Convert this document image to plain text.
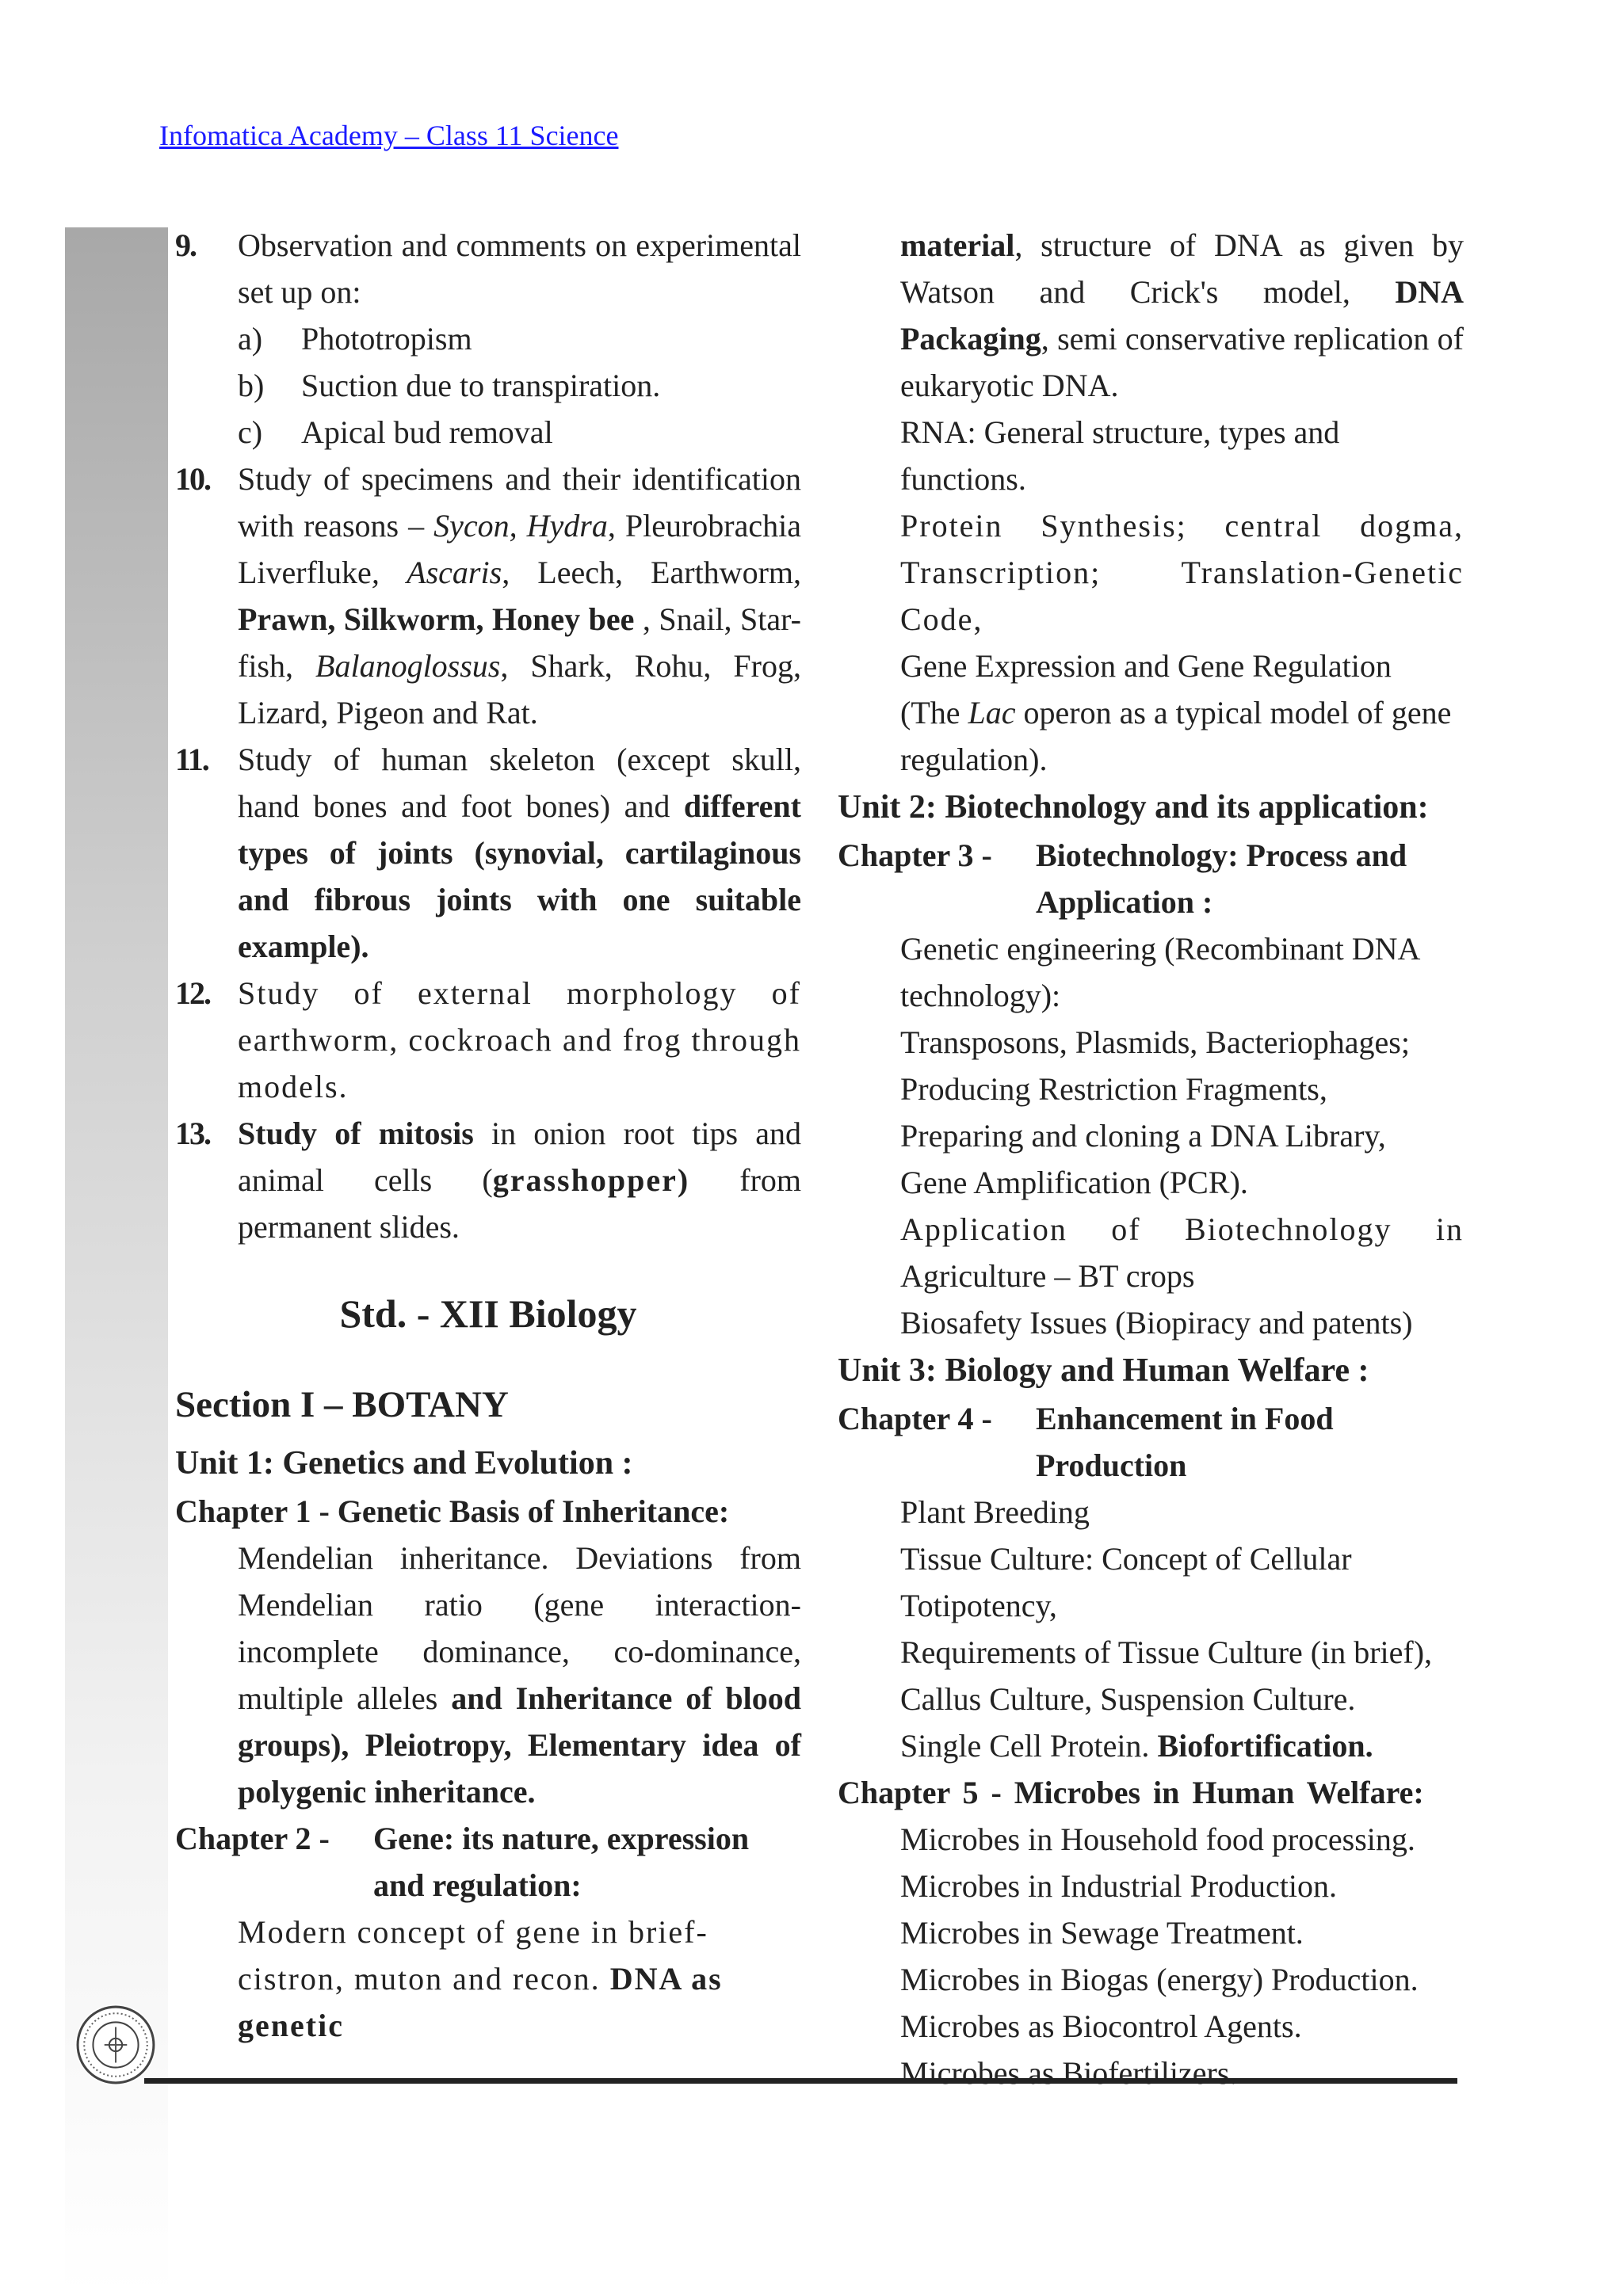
Infomatica Academy – Class 11 Science
9.	Observation and comments on experimental set up on:
a)	Phototropism
b)	Suction due to transpiration.
c)	Apical bud removal
10. Study of specimens and their identification with reasons – Sycon, Hydra, Pleurobrachia Liverfluke, Ascaris, Leech, Earthworm, Prawn, Silkworm, Honey bee , Snail, Star-fish, Balanoglossus, Shark, Rohu, Frog, Lizard, Pigeon and Rat.
11. Study of human skeleton (except skull, hand bones and foot bones) and different types of joints (synovial, cartilaginous and fibrous joints with one suitable example).
12. Study of external morphology of earthworm, cockroach and frog through models.
13. Study of mitosis in onion root tips and animal cells (grasshopper) from permanent slides.
Std. - XII Biology
Section I – BOTANY
Unit 1: Genetics and Evolution :
Chapter 1 - Genetic Basis of Inheritance:
Mendelian inheritance. Deviations from Mendelian ratio (gene interaction-incomplete dominance, co-dominance, multiple alleles and Inheritance of blood groups), Pleiotropy, Elementary idea of polygenic inheritance.
Chapter 2 -	Gene: its nature, expression and regulation:
Modern concept of gene in brief-cistron, muton and recon. DNA as genetic
material, structure of DNA as given by Watson and Crick's model, DNA Packaging, semi conservative replication of eukaryotic DNA.
RNA: General structure, types and functions.
Protein Synthesis; central dogma, Transcription; Translation-Genetic Code,
Gene Expression and Gene Regulation
(The Lac operon as a typical model of gene regulation).
Unit 2: Biotechnology and its application:
Chapter 3 -	Biotechnology: Process and Application :
Genetic engineering (Recombinant DNA technology):
Transposons, Plasmids, Bacteriophages;
Producing Restriction Fragments,
Preparing and cloning a DNA Library,
Gene Amplification (PCR).
Application of Biotechnology in
Agriculture – BT crops
Biosafety Issues (Biopiracy and patents)
Unit 3: Biology and Human Welfare :
Chapter 4 -	Enhancement in Food Production
Plant Breeding
Tissue Culture: Concept of Cellular Totipotency,
Requirements of Tissue Culture (in brief),
Callus Culture, Suspension Culture.
Single Cell Protein. Biofortification.
Chapter 5 - Microbes in Human Welfare:
Microbes in Household food processing.
Microbes in Industrial Production.
Microbes in Sewage Treatment.
Microbes in Biogas (energy) Production.
Microbes as Biocontrol Agents.
Microbes as Biofertilizers.
